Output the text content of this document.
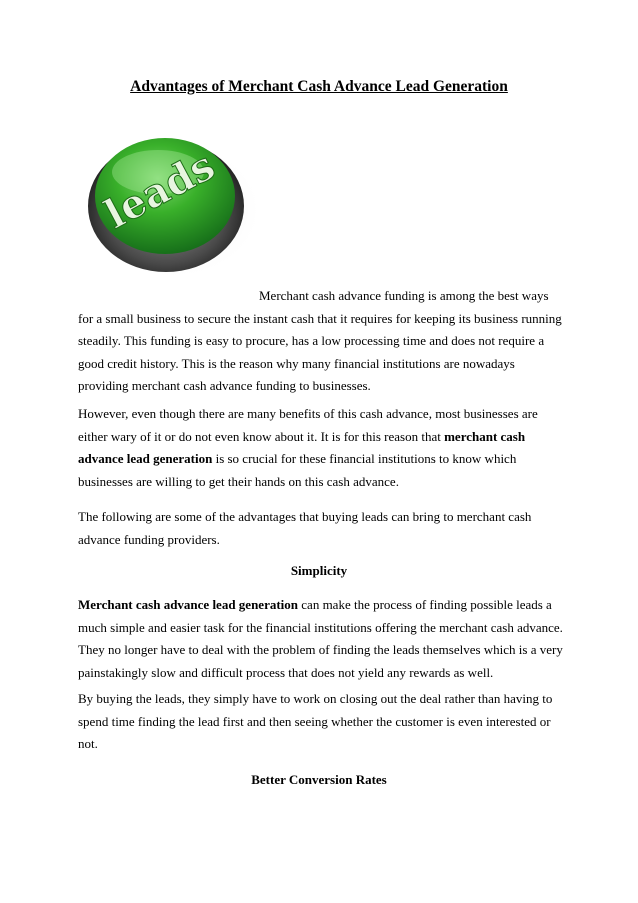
Advantages of Merchant Cash Advance Lead Generation
leads
Merchant cash advance funding is among the best ways
for a small business to secure the instant cash that it requires for keeping its business running
steadily. This funding is easy to procure, has a low processing time and does not require a
good credit history. This is the reason why many financial institutions are nowadays
providing merchant cash advance funding to businesses.
However, even though there are many benefits of this cash advance, most businesses are
either wary of it or do not even know about it. It is for this reason that merchant cash
advance lead generation is so crucial for these financial institutions to know which
businesses are willing to get their hands on this cash advance.
The following are some of the advantages that buying leads can bring to merchant cash
advance funding providers.
Simplicity
Merchant cash advance lead generation can make the process of finding possible leads a
much simple and easier task for the financial institutions offering the merchant cash advance.
They no longer have to deal with the problem of finding the leads themselves which is a very
painstakingly slow and difficult process that does not yield any rewards as well.
By buying the leads, they simply have to work on closing out the deal rather than having to
spend time finding the lead first and then seeing whether the customer is even interested or
not.
Better Conversion Rates
